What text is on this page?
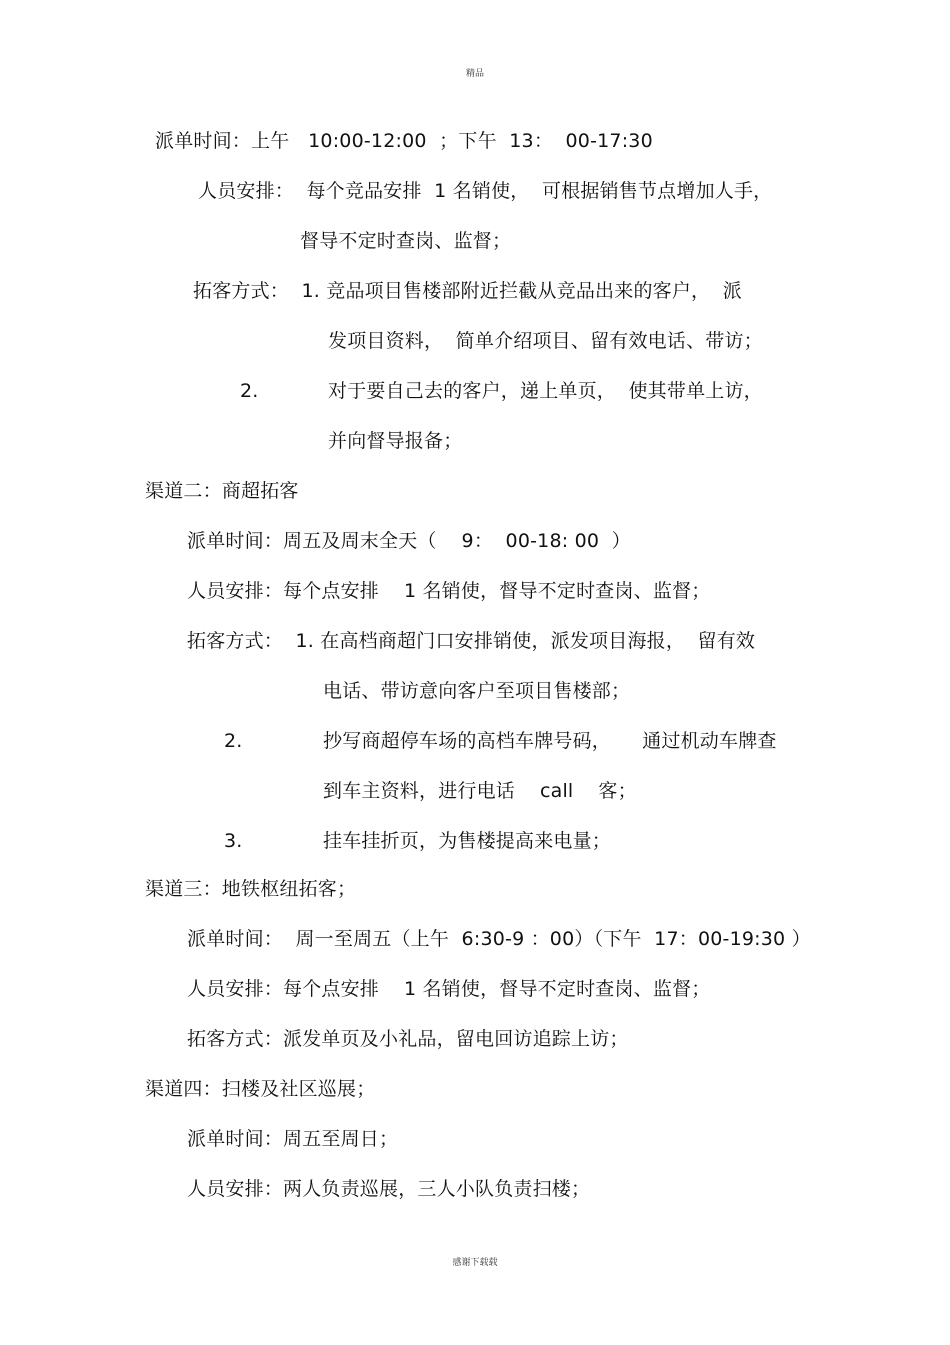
精品
派单时间：上午   10:00-12:00  ；下午  13：  00-17:30
人员安排：  每个竞品安排  1 名销使，  可根据销售节点增加人手，
督导不定时查岗、监督；
拓客方式：  1. 竞品项目售楼部附近拦截从竞品出来的客户，  派
发项目资料，  简单介绍项目、留有效电话、带访；
2.	对于要自己去的客户，递上单页，  使其带单上访，
并向督导报备；
渠道二：商超拓客
派单时间：周五及周末全天（    9：  00-18: 00  ）
人员安排：每个点安排    1 名销使，督导不定时查岗、监督；
拓客方式：  1. 在高档商超门口安排销使，派发项目海报，  留有效
电话、带访意向客户至项目售楼部；
2.	抄写商超停车场的高档车牌号码，     通过机动车牌查
到车主资料，进行电话    call    客；
3.	挂车挂折页，为售楼提高来电量；
渠道三：地铁枢纽拓客；
派单时间：  周一至周五（上午  6:30-9 ：00）（下午  17：00-19:30 ）
人员安排：每个点安排    1 名销使，督导不定时查岗、监督；
拓客方式：派发单页及小礼品，留电回访追踪上访；
渠道四：扫楼及社区巡展；
派单时间：周五至周日；
人员安排：两人负责巡展，三人小队负责扫楼；
感谢下载载
